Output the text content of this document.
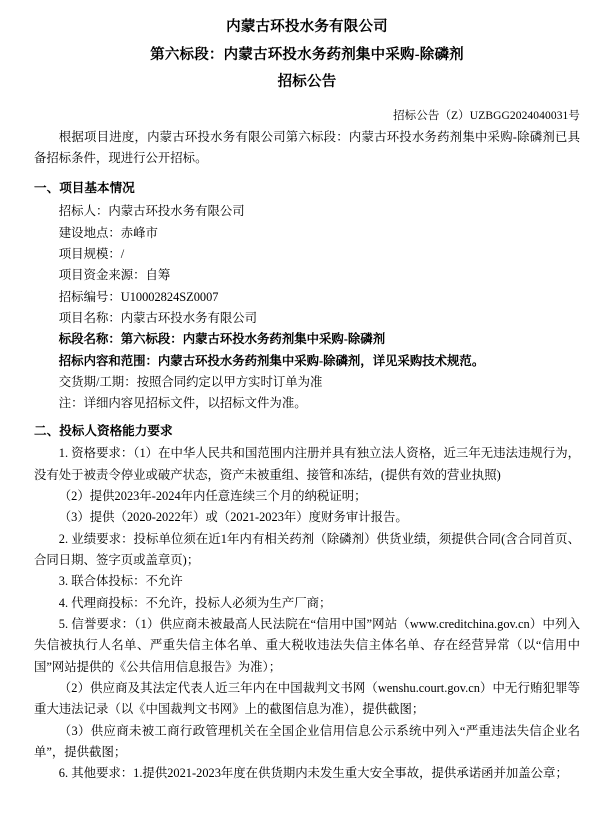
内蒙古环投水务有限公司
第六标段：内蒙古环投水务药剂集中采购-除磷剂
招标公告
招标公告（Z）UZBGG2024040031号

根据项目进度，内蒙古环投水务有限公司第六标段：内蒙古环投水务药剂集中采购-除磷剂已具备招标条件，现进行公开招标。

一、项目基本情况

招标人：内蒙古环投水务有限公司

建设地点：赤峰市

项目规模：/

项目资金来源：自筹

招标编号：U10002824SZ0007

项目名称：内蒙古环投水务有限公司

标段名称：第六标段：内蒙古环投水务药剂集中采购-除磷剂

招标内容和范围：内蒙古环投水务药剂集中采购-除磷剂，详见采购技术规范。

交货期/工期：按照合同约定以甲方实时订单为准

注：详细内容见招标文件，以招标文件为准。

二、投标人资格能力要求

1. 资格要求：（1）在中华人民共和国范围内注册并具有独立法人资格，近三年无违法违规行为，没有处于被责令停业或破产状态，资产未被重组、接管和冻结，(提供有效的营业执照)

（2）提供2023年-2024年内任意连续三个月的纳税证明；

（3）提供（2020-2022年）或（2021-2023年）度财务审计报告。

2. 业绩要求：投标单位须在近1年内有相关药剂（除磷剂）供货业绩，须提供合同(含合同首页、合同日期、签字页或盖章页)；

3. 联合体投标：不允许

4. 代理商投标：不允许，投标人必须为生产厂商；

5. 信誉要求：（1）供应商未被最高人民法院在“信用中国”网站（www.creditchina.gov.cn）中列入失信被执行人名单、严重失信主体名单、重大税收违法失信主体名单、存在经营异常（以“信用中国”网站提供的《公共信用信息报告》为准）；

（2）供应商及其法定代表人近三年内在中国裁判文书网（wenshu.court.gov.cn）中无行贿犯罪等重大违法记录（以《中国裁判文书网》上的截图信息为准），提供截图；

（3）供应商未被工商行政管理机关在全国企业信用信息公示系统中列入“严重违法失信企业名单”，提供截图；

6. 其他要求：1.提供2021-2023年度在供货期内未发生重大安全事故，提供承诺函并加盖公章；
